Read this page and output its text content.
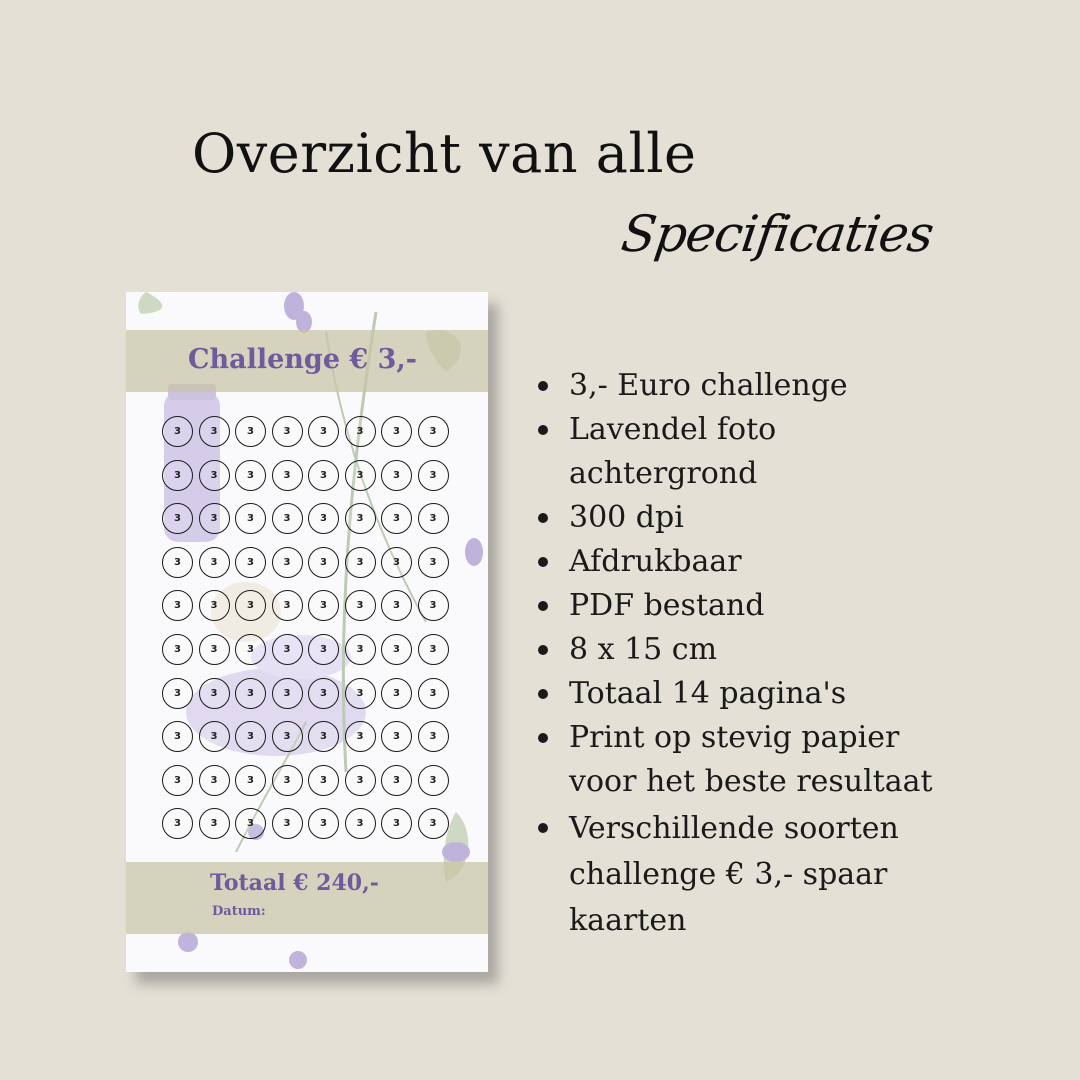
Overzicht van alle
Specificaties
Challenge € 3,-
3	3	3	3	3	3	3	3
3	3	3	3	3	3	3	3
3	3	3	3	3	3	3	3
3	3	3	3	3	3	3	3
3	3	3	3	3	3	3	3
3	3	3	3	3	3	3	3
3	3	3	3	3	3	3	3
3	3	3	3	3	3	3	3
3	3	3	3	3	3	3	3
3	3	3	3	3	3	3	3
Totaal € 240,-
Datum:
3,- Euro challenge
Lavendel foto
achtergrond
300 dpi
Afdrukbaar
PDF bestand
8 x 15 cm
Totaal 14 pagina's
Print op stevig papier
voor het beste resultaat
Verschillende soorten
challenge € 3,- spaar
kaarten
